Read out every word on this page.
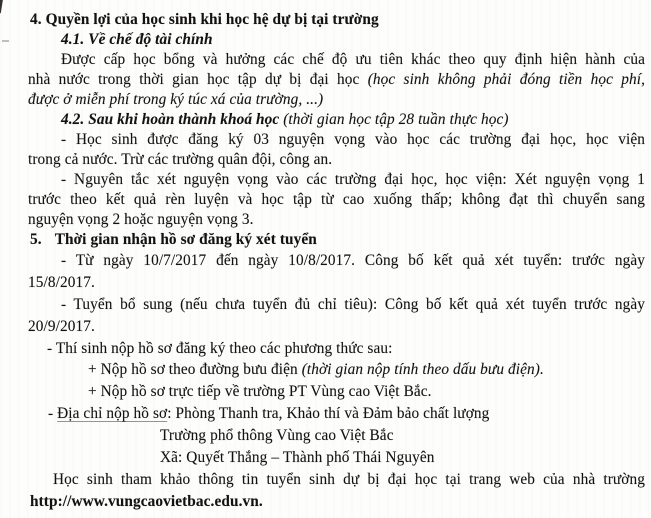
4. Quyền lợi của học sinh khi học hệ dự bị tại trường
4.1. Về chế độ tài chính
Được cấp học bổng và hưởng các chế độ ưu tiên khác theo quy định hiện hành của
nhà nước trong thời gian học tập dự bị đại học (học sinh không phải đóng tiền học phí,
được ở miễn phí trong ký túc xá của trường, ...)
4.2. Sau khi hoàn thành khoá học (thời gian học tập 28 tuần thực học)
- Học sinh được đăng ký 03 nguyện vọng vào học các trường đại học, học viện
trong cả nước. Trừ các trường quân đội, công an.
- Nguyên tắc xét nguyện vọng vào các trường đại học, học viện: Xét nguyện vọng 1
trước theo kết quả rèn luyện và học tập từ cao xuống thấp; không đạt thì chuyển sang
nguyện vọng 2 hoặc nguyện vọng 3.
5. Thời gian nhận hồ sơ đăng ký xét tuyển
- Từ ngày 10/7/2017 đến ngày 10/8/2017. Công bố kết quả xét tuyển: trước ngày
15/8/2017.
- Tuyển bổ sung (nếu chưa tuyển đủ chỉ tiêu): Công bố kết quả xét tuyển trước ngày
20/9/2017.
- Thí sinh nộp hồ sơ đăng ký theo các phương thức sau:
+ Nộp hồ sơ theo đường bưu điện (thời gian nộp tính theo dấu bưu điện).
+ Nộp hồ sơ trực tiếp về trường PT Vùng cao Việt Bắc.
- Địa chỉ nộp hồ sơ: Phòng Thanh tra, Khảo thí và Đảm bảo chất lượng
Trường phổ thông Vùng cao Việt Bắc
Xã: Quyết Thắng – Thành phố Thái Nguyên
Học sinh tham khảo thông tin tuyển sinh dự bị đại học tại trang web của nhà trường
http://www.vungcaovietbac.edu.vn.
